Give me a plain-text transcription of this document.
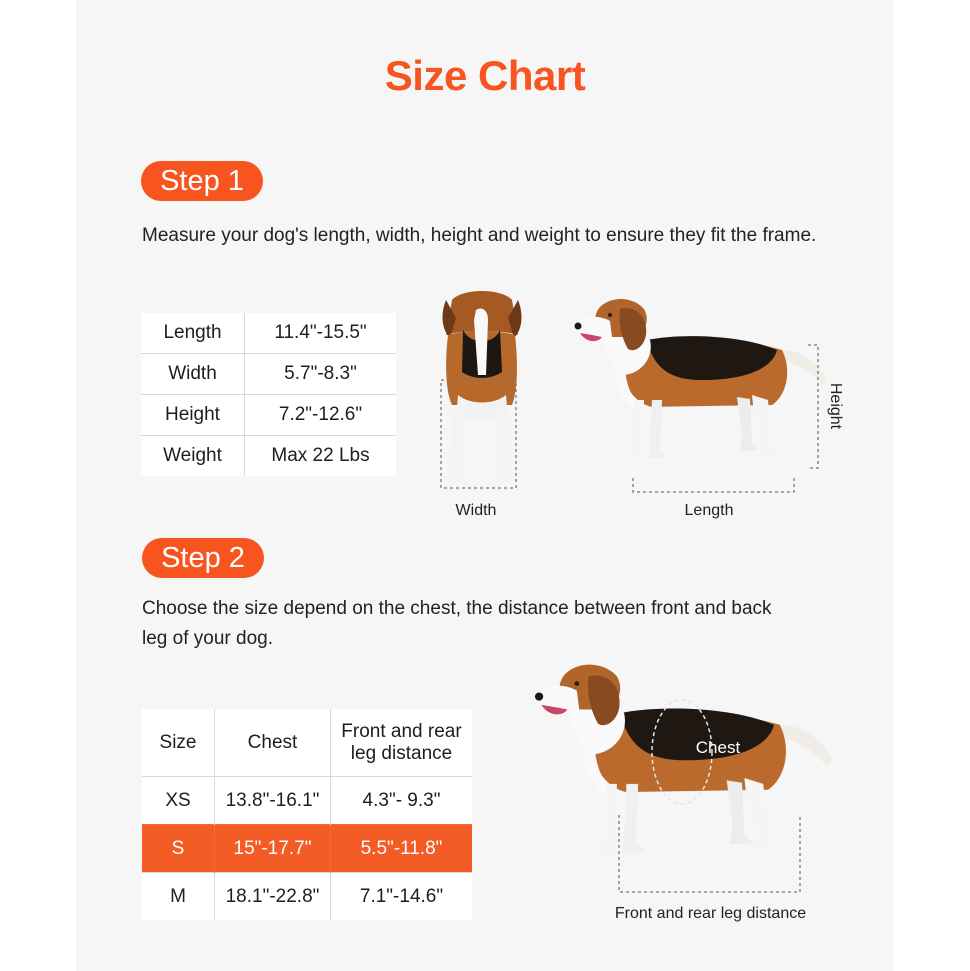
Size Chart
Step 1
Measure your dog's length, width, height and weight to ensure they fit the frame.
Length	11.4"-15.5"
Width	5.7"-8.3"
Height	7.2"-12.6"
Weight	Max 22 Lbs
Step 2
Choose the size depend on the chest, the distance between front and back
leg of your dog.
Size	Chest	Front and rear
leg distance

XS	13.8"-16.1"	4.3"- 9.3"
S	15"-17.7"	5.5"-11.8"
M	18.1"-22.8"	7.1"-14.6"
Width	Length
Height
Chest
Front and rear leg distance
